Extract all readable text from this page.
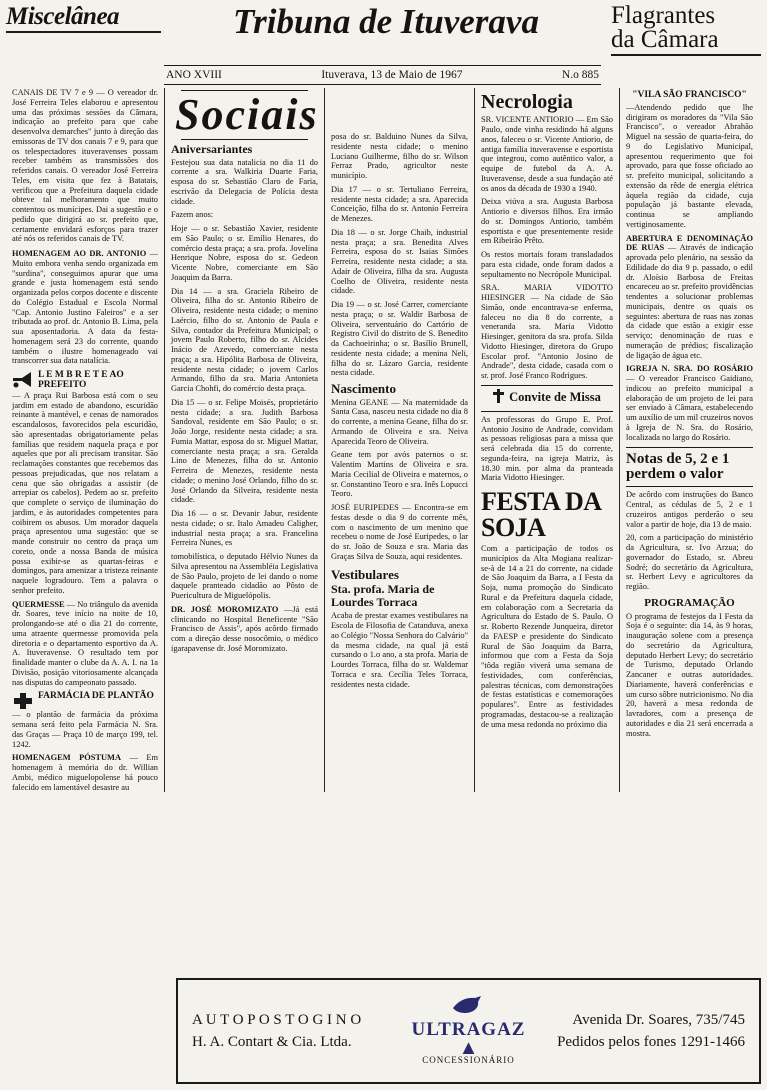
Miscelânea	Tribuna de Ituverava	Flagrantes
da Câmara
ANO XVIII	Ituverava, 13 de Maio de 1967	N.o 885
CANAIS DE TV 7 e 9 — O vereador dr. José Ferreira Teles elaborou e apresentou uma das próximas sessões da Câmara, indicação ao prefeito para que cabe desenvolva demarches" junto à direção das emissoras de TV dos canais 7 e 9, para que os telespectadores ituveravenses possam receber também as transmissões dos referidos canais. O vereador José Ferreira Teles, em visita que fez à Batatais, verificou que a Prefeitura daquela cidade obteve tal melhoramento que muito contentou os munícipes. Dai a sugestão e o pedido que dirigirá ao sr. prefeito que, certamente envidará esforços para trazer até nós os referidos canais de TV.
HOMENAGEM AO DR. ANTONIO — Muito embora venha sendo organizada em "surdina", conseguimos apurar que uma grande e justa homenagem está sendo organizada pelos corpos docente e discente do Colégio Estadual e Escola Normal "Cap. Antonio Justino Faleiros" e a ser tributada ao prof. dr. Antonio B. Lima, pela sua aposentadoria. A data da festa-homenagem será 23 do corrente, quando também o ilustre homenageado vai transcorrer sua data natalícia.
L E M B R E T E AO PREFEITO
— A praça Rui Barbosa está com o seu jardim em estado de abandono, escuridão reinante à mantével, e cenas de namorados escandalosos, favorecidos pela escuridão, são apresentadas obrigatoriamente pelas famílias que residem naquela praça e por aqueles que por ali precisam transitar. São reclamações constantes que recebemos das pessoas prejudicadas, que nos relatam a cena que são obrigadas a assistir (de arrepiar os cabelos). Pedem ao sr. prefeito que complete o serviço de iluminação do jardim, e às autoridades competentes para coibirem os abusos. Um morador daquela praça apresentou uma sugestão: que se mande construir no centro da praça um coreto, onde a nossa Banda de música possa exibir-se as quartas-feiras e domingos, para amenizar a tristeza reinante naquele logradouro. Tem a palavra o senhor prefeito.
QUERMESSE — No triângulo da avenida dr. Soares, teve início na noite de 10, prolongando-se até o dia 21 do corrente, uma atraente quermesse promovida pela diretoria e o departamento esportivo da A. A. Ituveravense. O resultado tem por finalidade manter o clube da A. A. I. na 1a Divisão, posição vitoriosamente alcançada nas disputas do campeonato passado.
FARMÁCIA DE PLANTÃO
— o plantão de farmácia da próxima semana será feito pela Farmácia N. Sra. das Graças — Praça 10 de março 199, tel. 1242.
HOMENAGEM PÓSTUMA — Em homenagem à memória do dr. Willian Ambi, médico miguelopolense há pouco falecido em lamentável desastre au
Sociais
Aniversariantes

Festejou sua data natalicia no dia 11 do corrente a sra. Walkiria Duarte Faria, esposa do sr. Sebastião Claro de Faria, escrivão da Delegacia de Polícia desta cidade.

Fazem anos:

Hoje — o sr. Sebastião Xavier, residente em São Paulo; o sr. Emílio Henares, do comércio desta praça; a sra. profa. Jovelina Henrique Nobre, esposa do sr. Gedeon Vicente Nobre, comerciante em São Joaquim da Barra.

Dia 14 — a sra. Graciela Ribeiro de Oliveira, filha do sr. Antonio Ribeiro de Oliveira, residente nesta cidade; o menino Laércio, filho do sr. Antonio de Paula e Silva, contador da Prefeitura Municipal; o jovem Paulo Roberto, filho do sr. Alcides Inácio de Azevedo, comerciante nesta praça; a sra. Hipólita Barbosa de Oliveira, residente nesta cidade; o jovem Carlos Armando, filho da sra. Maria Antonieta Garcia Chohfi, do comércio desta praça.

Dia 15 — o sr. Felipe Moisés, proprietário nesta cidade; a sra. Judith Barbosa Sandoval, residente em São Paulo; o sr. João Jorge, residente nesta cidade; a sra. Fumia Mattar, esposa do sr. Miguel Mattar, comerciante nesta praça; a sra. Geralda Lino de Menezes, filha do sr. Antonio Ferreira de Menezes, residente nesta cidade; o menino José Orlando, filho do sr. José Orlando da Silveira, residente nesta cidade.

Dia 16 — o sr. Devanir Jabur, residente nesta cidade; o sr. Italo Amadeu Caligher, industrial nesta praça; a sra. Francelina Ferreira Nunes, es

tomobilística, o deputado Hélvio Nunes da Silva apresentou na Assembléia Legislativa de São Paulo, projeto de lei dando o nome daquele pranteado cidadão ao Pôsto de Puericultura de Miguelópolis.
DR. JOSÉ MOROMIZATO —Já está clinicando no Hospital Beneficente "São Francisco de Assis", após acôrdo firmado com a direção desse nosocômio, o médico igarapavense dr. José Moromizato.

posa do sr. Balduino Nunes da Silva, residente nesta cidade; o menino Luciano Guilherme, filho do sr. Wilson Ferraz Prado, agricultor neste município.

Dia 17 — o sr. Tertuliano Ferreira, residente nesta cidade; a sra. Aparecida Conceição, filha do sr. Antonio Ferreira de Menezes.

Dia 18 — o sr. Jorge Chaib, industrial nesta praça; a sra. Benedita Alves Ferreira, esposa do sr. Isaias Simões Ferreira, residente nesta cidade; a sta. Adair de Oliveira, filha da sra. Augusta Coelho de Oliveira, residente nesta cidade.

Dia 19 — o sr. José Carrer, comerciante nesta praça; o sr. Waldir Barbosa de Oliveira, serventuário do Cartório de Registro Civil do distrito de S. Benedito da Cachoeirinha; o sr. Basílio Brunell, residente nesta cidade; a menina Neli, filha do sr. Lázaro Garcia, residente nesta cidade.

Nascimento

Menina GEANE — Na maternidade da Santa Casa, nasceu nesta cidade no dia 8 do corrente, a menina Geane, filha do sr. Armando de Oliveira e sra. Neiva Aparecida Teoro de Oliveira.

Geane tem por avós paternos o sr. Valentim Martins de Oliveira e sra. Maria Cecilial de Oliveira e maternos, o sr. Constantino Teoro e sra. Inês Lopucci Teoro.

JOSÉ EURIPEDES — Encontra-se em festas desde o dia 9 do corrente mês, com o nascimento de um menino que recebeu o nome de José Euripedes, o lar do sr. João de Souza e sra. Maria das Graças Silva de Souza, aqui residentes.

Vestibulares
Sta. profa. Maria de Lourdes Torraca
Acaba de prestar exames vestibulares na Escola de Filosofia de Catanduva, anexa ao Colégio "Nossa Senhora do Calvário" da mesma cidade, na qual já está cursando o 1.o ano, a sta profa. Maria de Lourdes Torraca, filha do sr. Waldemar Torraca e sra. Cecília Teles Torraca, residentes nesta cidade.
Necrologia

SR. VICENTE ANTIORIO — Em São Paulo, onde vinha residindo há alguns anos, faleceu o sr. Vicente Antiorio, de antiga família ituveravense e esportista que integrou, como autêntico valor, a equipe de futebol da A. A. Ituveravense, desde a sua fundação até os anos da década de 1930 a 1940.

Deixa viúva a sra. Augusta Barbosa Antiorio e diversos filhos. Era irmão do sr. Domingos Antiorio, também esportista e que presentemente reside em Ribeirão Prêto.

Os restos mortais foram transladados para esta cidade, onde foram dados a sepultamento no Necrópole Municipal.

SRA. MARIA VIDOTTO HIESINGER — Na cidade de São Simão, onde encontrava-se enferma, faleceu no dia 8 do corrente, a veneranda sra. Maria Vidotto Hiesinger, genitora da sra. profa. Silda Vidotto Hiesinger, diretora do Grupo Escolar prof. "Antonio Josino de Andrade", desta cidade, casada com o sr. prof. José Franco Rodrigues.

Convite de Missa
As professoras do Grupo E. Prof. Antonio Josino de Andrade, convidam as pessoas religiosas para a missa que será celebrada dia 15 do corrente, segunda-feira, na igreja Matriz, às 18.30 min. por alma da pranteada Maria Vidotto Hiesinger.
FESTA DA SOJA
Com a participação de todos os municípios da Alta Mogiana realizar-se-à de 14 a 21 do corrente, na cidade de São Joaquim da Barra, a I Festa da Soja, numa promoção do Sindicato Rural e da Prefeitura daquela cidade, em colaboração com a Secretaria da Agricultura do Estado de S. Paulo. O sr. Roberto Rezende Junqueira, diretor da FAESP e presidente do Sindicato Rural de São Joaquim da Barra, informou que com a Festa da Soja "tôda região viverá uma semana de festividades, com conferências, palestras técnicas, com demonstrações de festas estatísticas e comemorações populares". Entre as festividades programadas, destacou-se a realização de uma mesa redonda no próximo dia
"VILA SÃO FRANCISCO"
—Atendendo pedido que lhe dirigiram os moradores da "Vila São Francisco", o vereador Abrahão Miguel na sessão de quarta-feira, do 9 do Legislativo Municipal, apresentou requerimento que foi aprovado, para que fosse oficiado ao sr. prefeito municipal, solicitando a extensão da rêde de energia elétrica àquela região da cidade, cuja população já bastante elevada, continua se ampliando vertiginosamente.
ABERTURA E DENOMINAÇÃO DE RUAS — Através de indicação aprovada pelo plenário, na sessão da Edilidade do dia 9 p. passado, o edil dr. Aloísio Barbosa de Freitas encareceu ao sr. prefeito providências tendentes a solucionar problemas municipais, dentre os quais os seguintes: abertura de ruas nas zonas da cidade que estão a exigir esse serviço; denominação de ruas e numeração de prédios; fiscalização de ligação de água etc.
IGREJA N. SRA. DO ROSÁRIO — O vereador Francisco Gaidiano, indicou ao prefeito municipal a elaboração de um projeto de lei para ser enviado à Câmara, estabelecendo um auxílio de um mil cruzeiros novos à Igreja de N. Sra. do Rosário, localizada no largo do Rosário.
Notas de 5, 2 e 1 perdem o valor
De acôrdo com instruções do Banco Central, as cédulas de 5, 2 e 1 cruzeiros antigos perderão o seu valor a partir de hoje, dia 13 de maio.
20, com a participação do ministério da Agricultura, sr. Ivo Arzua; do governador do Estado, sr. Abreu Sodré; do secretário da Agricultura, sr. Herbert Levy e agricultores da região.
PROGRAMAÇÃO
O programa de festejos da I Festa da Soja é o seguinte: dia 14, às 9 horas, inauguração solene com a presença do secretário da Agricultura, deputado Herbert Levy; do secretário de Turismo, deputado Orlando Zancaner e outras autoridades. Diariamente, haverá conferências e um curso sôbre nutricionismo. No dia 20, haverá a mesa redonda de lavradores, com a presença de autoridades e dia 21 será encerrada a mostra.
A U T O P O S T O G I N O
H. A. Contart & Cia. Ltda.
ULTRAGAZ
▲
CONCESSIONÁRIO
Avenida Dr. Soares, 735/745
Pedidos pelos fones 1291-1466
